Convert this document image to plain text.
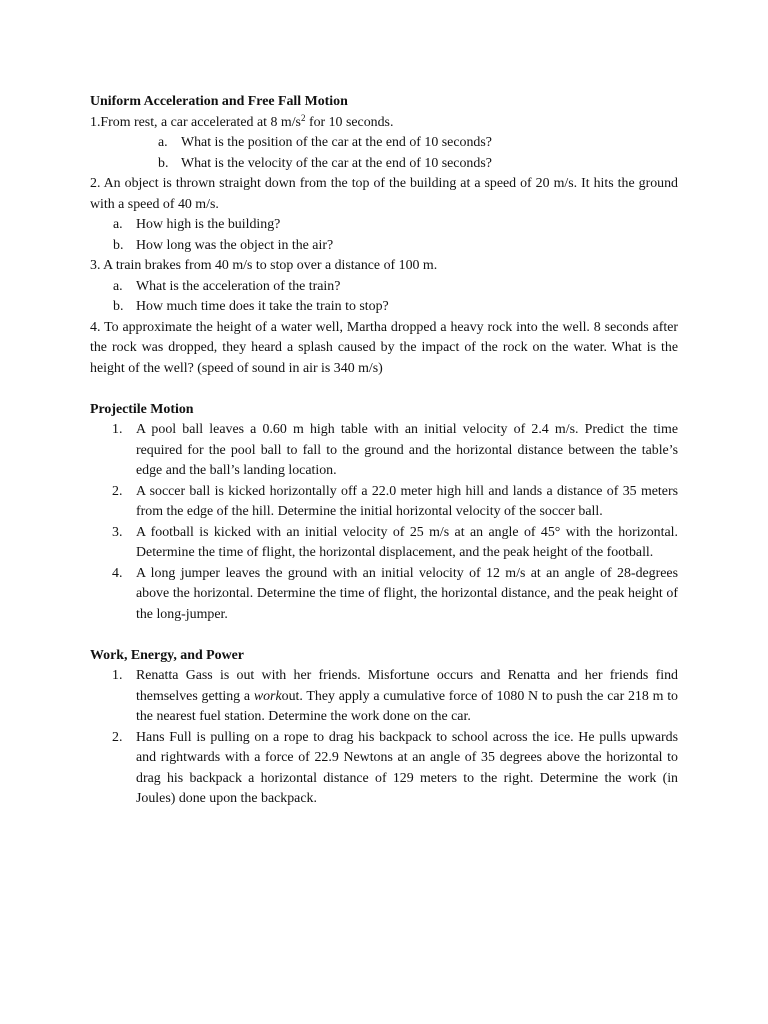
Uniform Acceleration and Free Fall Motion

1.From rest, a car accelerated at 8 $m/s^2$ for 10 seconds.

a. What is the position of the car at the end of 10 seconds?

b. What is the velocity of the car at the end of 10 seconds?

2. An object is thrown straight down from the top of the building at a speed of 20 m/s. It hits the ground with a speed of 40 m/s.

a. How high is the building?

b. How long was the object in the air?

3. A train brakes from 40 m/s to stop over a distance of 100 m.

a. What is the acceleration of the train?

b. How much time does it take the train to stop?

4. To approximate the height of a water well, Martha dropped a heavy rock into the well. 8 seconds after the rock was dropped, they heard a splash caused by the impact of the rock on the water. What is the height of the well? (speed of sound in air is 340 m/s)

Projectile Motion

1. A pool ball leaves a 0.60 m high table with an initial velocity of 2.4 m/s. Predict the time required for the pool ball to fall to the ground and the horizontal distance between the table’s edge and the ball’s landing location.

2. A soccer ball is kicked horizontally off a 22.0 meter high hill and lands a distance of 35 meters from the edge of the hill. Determine the initial horizontal velocity of the soccer ball.

3. A football is kicked with an initial velocity of 25 m/s at an angle of 45° with the horizontal. Determine the time of flight, the horizontal displacement, and the peak height of the football.

4. A long jumper leaves the ground with an initial velocity of 12 m/s at an angle of 28-degrees above the horizontal. Determine the time of flight, the horizontal distance, and the peak height of the long-jumper.

Work, Energy, and Power

1. Renatta Gass is out with her friends. Misfortune occurs and Renatta and her friends find themselves getting a workout. They apply a cumulative force of 1080 N to push the car 218 m to the nearest fuel station. Determine the work done on the car.

2. Hans Full is pulling on a rope to drag his backpack to school across the ice. He pulls upwards and rightwards with a force of 22.9 Newtons at an angle of 35 degrees above the horizontal to drag his backpack a horizontal distance of 129 meters to the right. Determine the work (in Joules) done upon the backpack.
